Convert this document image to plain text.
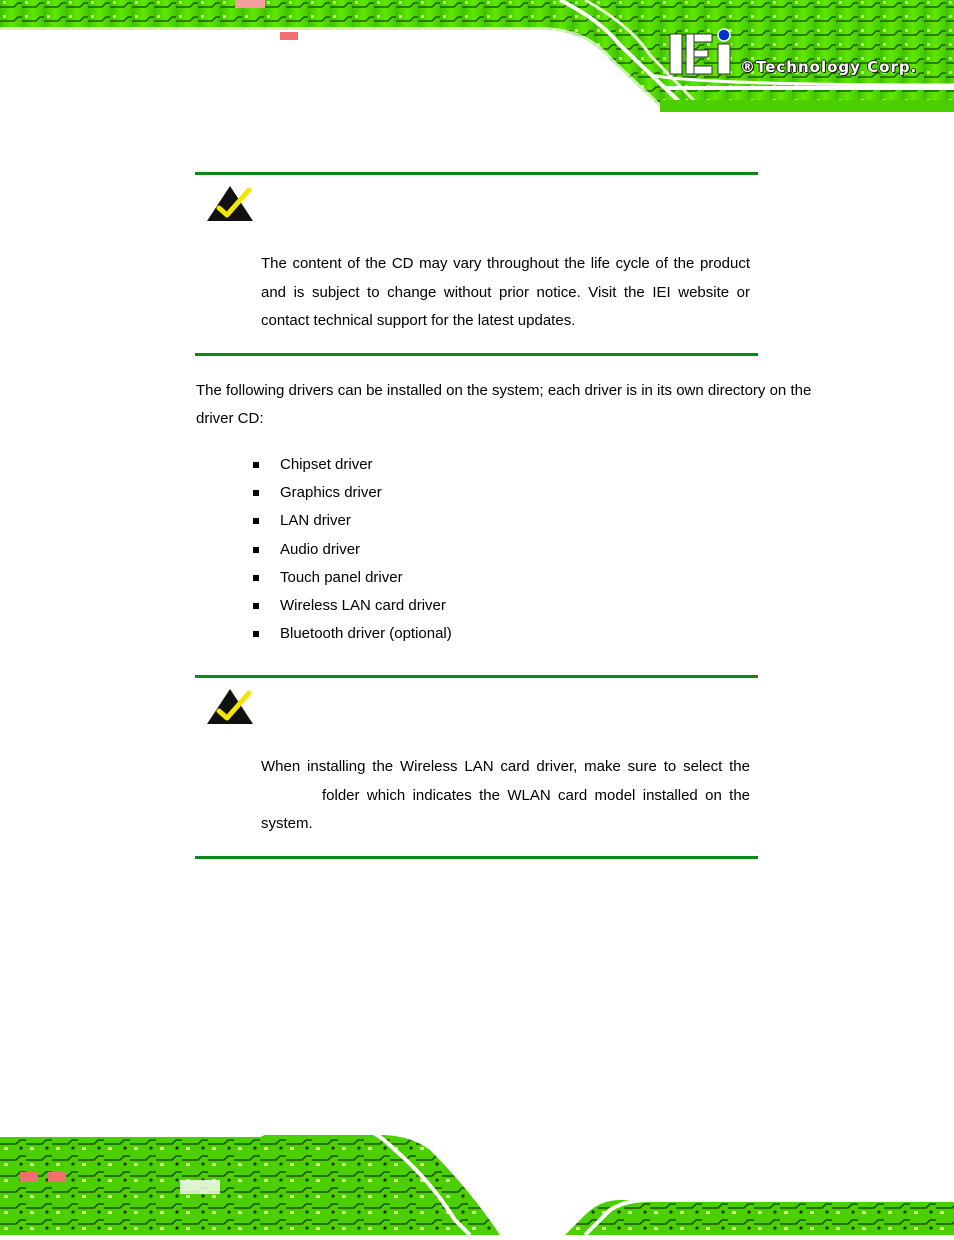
®Technology Corp.
The content of the CD may vary throughout the life cycle of the product and is subject to change without prior notice. Visit the IEI website or contact technical support for the latest updates.
The following drivers can be installed on the system; each driver is in its own directory on the driver CD:
Chipset driver
Graphics driver
LAN driver
Audio driver
Touch panel driver
Wireless LAN card driver
Bluetooth driver (optional)
When installing the Wireless LAN card driver, make sure to select the
folder which indicates the WLAN card model installed on the
system.
